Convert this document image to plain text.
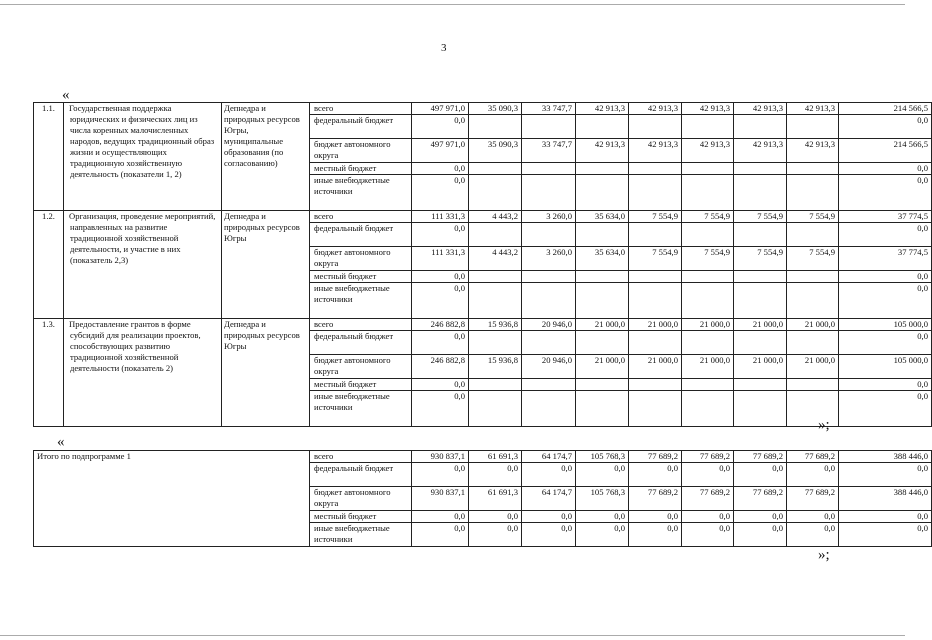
3
«
1.1.	Государственная поддержка юридических и физических лиц из числа коренных малочисленных народов, ведущих традиционный образ жизни и осуществляющих традиционную хозяйственную деятельность (показатели 1, 2)	Депнедра и природных ресурсов Югры, муниципальные образования (по согласованию)	всего	497 971,0	35 090,3	33 747,7	42 913,3	42 913,3	42 913,3	42 913,3	42 913,3	214 566,5
			федеральный бюджет	0,0								0,0
			бюджет автономного округа	497 971,0	35 090,3	33 747,7	42 913,3	42 913,3	42 913,3	42 913,3	42 913,3	214 566,5
			местный бюджет	0,0								0,0
			иные внебюджетные источники	0,0								0,0
1.2.	Организация, проведение мероприятий, направленных на развитие традиционной хозяйственной деятельности, и участие в них (показатель 2,3)	Депнедра и природных ресурсов Югры	всего	111 331,3	4 443,2	3 260,0	35 634,0	7 554,9	7 554,9	7 554,9	7 554,9	37 774,5
			федеральный бюджет	0,0								0,0
			бюджет автономного округа	111 331,3	4 443,2	3 260,0	35 634,0	7 554,9	7 554,9	7 554,9	7 554,9	37 774,5
			местный бюджет	0,0								0,0
			иные внебюджетные источники	0,0								0,0
1.3.	Предоставление грантов в форме субсидий для реализации проектов, способствующих развитию традиционной хозяйственной деятельности (показатель 2)	Депнедра и природных ресурсов Югры	всего	246 882,8	15 936,8	20 946,0	21 000,0	21 000,0	21 000,0	21 000,0	21 000,0	105 000,0
			федеральный бюджет	0,0								0,0
			бюджет автономного округа	246 882,8	15 936,8	20 946,0	21 000,0	21 000,0	21 000,0	21 000,0	21 000,0	105 000,0
			местный бюджет	0,0								0,0
			иные внебюджетные источники	0,0								0,0
»;
«
Итого по подпрограмме 1	всего	930 837,1	61 691,3	64 174,7	105 768,3	77 689,2	77 689,2	77 689,2	77 689,2	388 446,0
	федеральный бюджет	0,0	0,0	0,0	0,0	0,0	0,0	0,0	0,0	0,0
	бюджет автономного округа	930 837,1	61 691,3	64 174,7	105 768,3	77 689,2	77 689,2	77 689,2	77 689,2	388 446,0
	местный бюджет	0,0	0,0	0,0	0,0	0,0	0,0	0,0	0,0	0,0
	иные внебюджетные источники	0,0	0,0	0,0	0,0	0,0	0,0	0,0	0,0	0,0
»;
